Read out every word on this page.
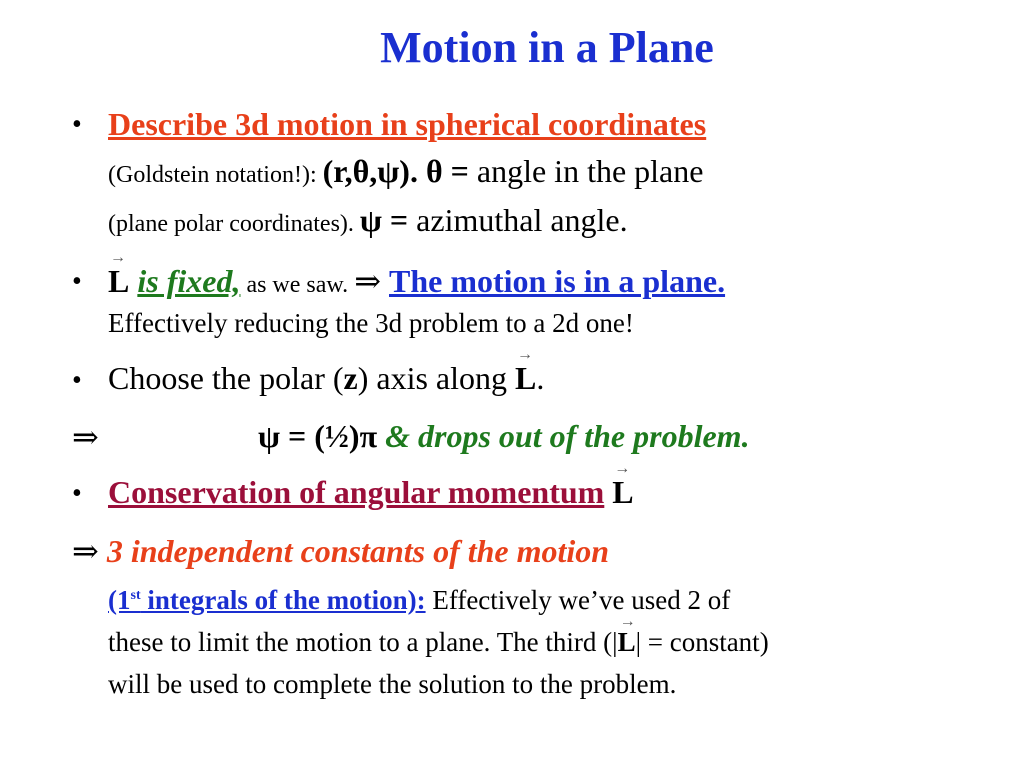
Motion in a Plane
• Describe 3d motion in spherical coordinates
(Goldstein notation!): (r,θ,ψ). θ = angle in the plane
(plane polar coordinates). ψ = azimuthal angle.
•
→
L is fixed, as we saw. ⇒ The motion is in a plane.
Effectively reducing the 3d problem to a 2d one!
• Choose the polar (z) axis along
→
L.
⇒	ψ = (½)π & drops out of the problem.
• Conservation of angular momentum
→
L
⇒ 3 independent constants of the motion
(1st integrals of the motion): Effectively we’ve used 2 of
these to limit the motion to a plane. The third (|
→
L| = constant)
will be used to complete the solution to the problem.
